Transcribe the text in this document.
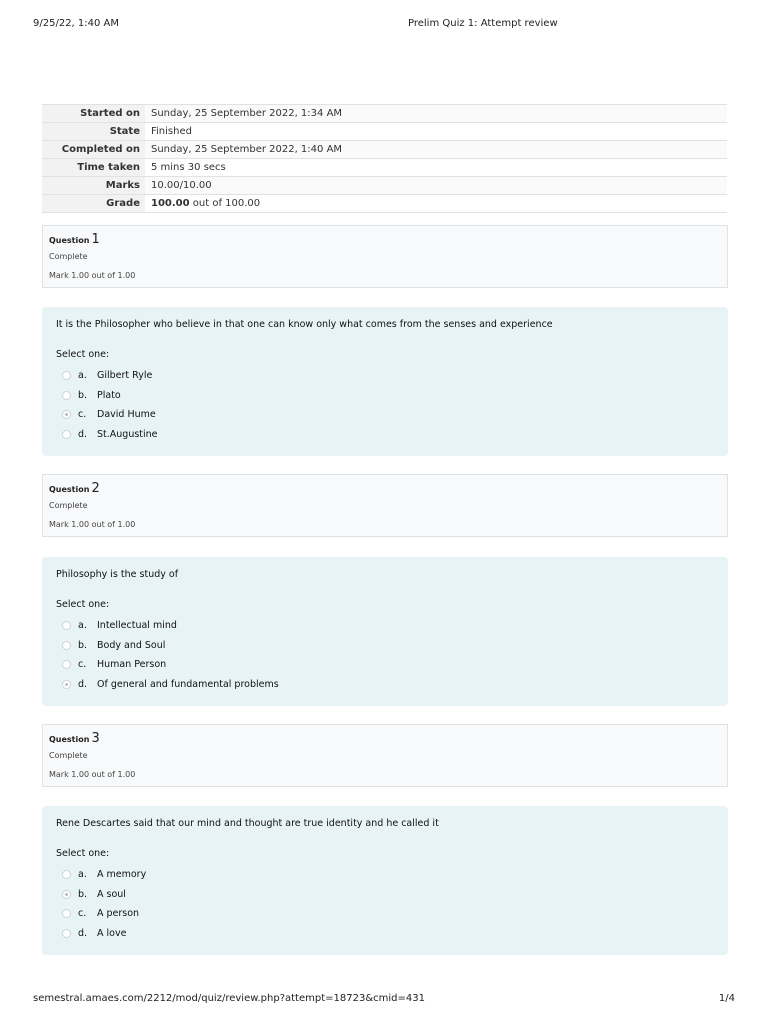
9/25/22, 1:40 AM	Prelim Quiz 1: Attempt review
Started on	Sunday, 25 September 2022, 1:34 AM
State	Finished
Completed on	Sunday, 25 September 2022, 1:40 AM
Time taken	5 mins 30 secs
Marks	10.00/10.00
Grade	100.00 out of 100.00
Question 1
Complete
Mark 1.00 out of 1.00
It is the Philosopher who believe in that one can know only what comes from the senses and experience
Select one:
a.	Gilbert Ryle
b.	Plato
c.	David Hume
d.	St.Augustine
Question 2
Complete
Mark 1.00 out of 1.00
Philosophy is the study of
Select one:
a.	Intellectual mind
b.	Body and Soul
c.	Human Person
d.	Of general and fundamental problems
Question 3
Complete
Mark 1.00 out of 1.00
Rene Descartes said that our mind and thought are true identity and he called it
Select one:
a.	A memory
b.	A soul
c.	A person
d.	A love
semestral.amaes.com/2212/mod/quiz/review.php?attempt=18723&cmid=431	1/4
